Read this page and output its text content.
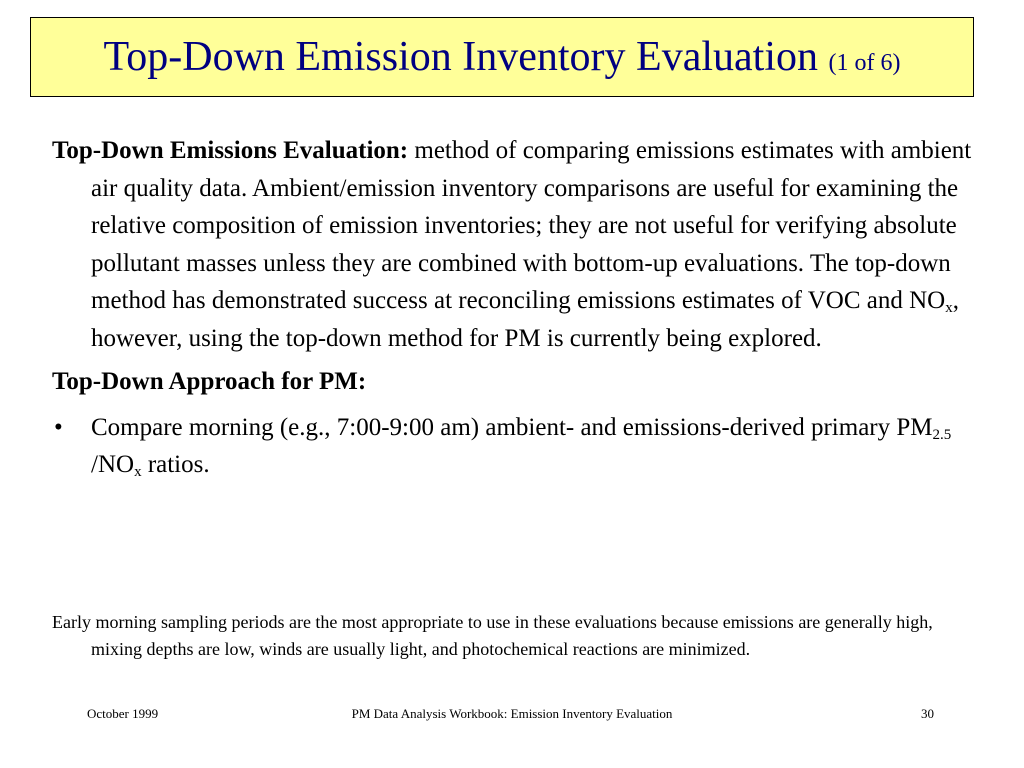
Top-Down Emission Inventory Evaluation (1 of 6)

Top-Down Emissions Evaluation: method of comparing emissions estimates with ambient air quality data. Ambient/emission inventory comparisons are useful for examining the relative composition of emission inventories; they are not useful for verifying absolute pollutant masses unless they are combined with bottom-up evaluations. The top-down method has demonstrated success at reconciling emissions estimates of VOC and $NO_x$, however, using the top-down method for PM is currently being explored.

Top-Down Approach for PM:

• Compare morning (e.g., 7:00-9:00 am) ambient- and emissions-derived primary $PM_{2.5}$ $/NO_x$ ratios.

Early morning sampling periods are the most appropriate to use in these evaluations because emissions are generally high, mixing depths are low, winds are usually light, and photochemical reactions are minimized.

PM Data Analysis Workbook: Emission Inventory Evaluation
October 1999	30
